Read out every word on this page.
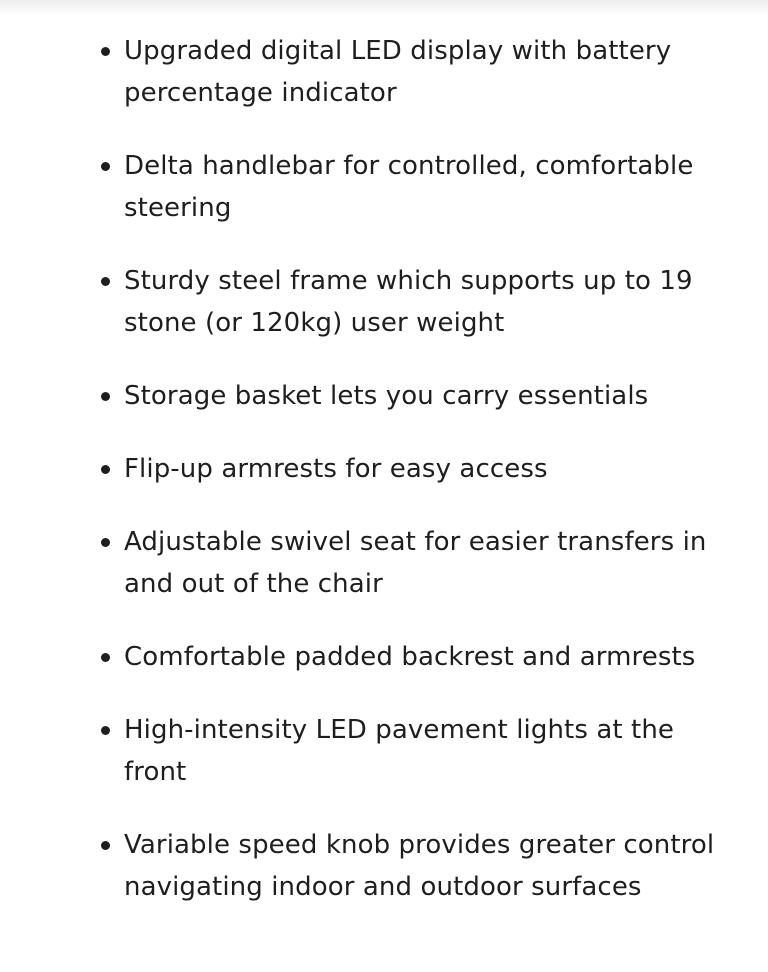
Upgraded digital LED display with battery percentage indicator
Delta handlebar for controlled, comfortable steering
Sturdy steel frame which supports up to 19 stone (or 120kg) user weight
Storage basket lets you carry essentials
Flip-up armrests for easy access
Adjustable swivel seat for easier transfers in and out of the chair
Comfortable padded backrest and armrests
High-intensity LED pavement lights at the front
Variable speed knob provides greater control navigating indoor and outdoor surfaces
